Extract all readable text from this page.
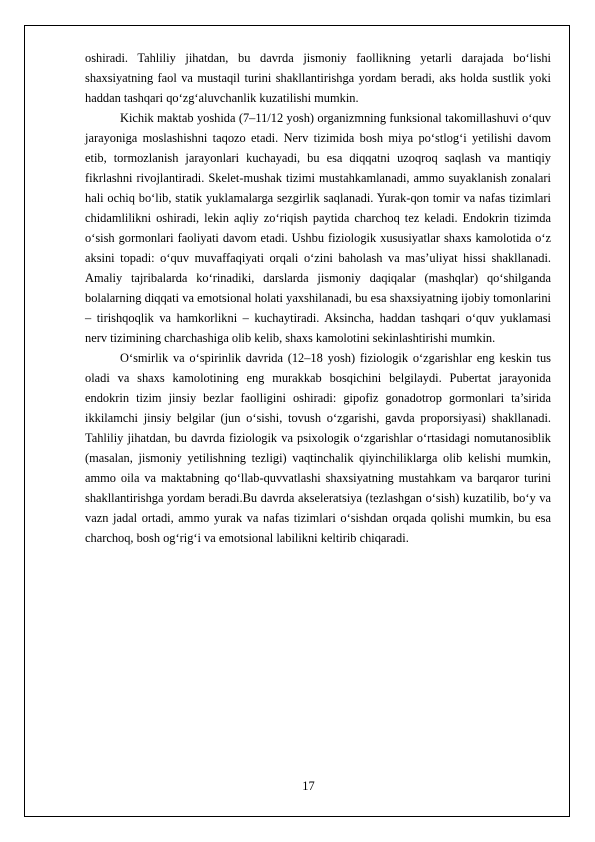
oshiradi. Tahliliy jihatdan, bu davrda jismoniy faollikning yetarli darajada bo‘lishi shaxsiyatning faol va mustaqil turini shakllantirishga yordam beradi, aks holda sustlik yoki haddan tashqari qo‘zg‘aluvchanlik kuzatilishi mumkin.

Kichik maktab yoshida (7–11/12 yosh) organizmning funksional takomillashuvi o‘quv jarayoniga moslashishni taqozo etadi. Nerv tizimida bosh miya po‘stlog‘i yetilishi davom etib, tormozlanish jarayonlari kuchayadi, bu esa diqqatni uzoqroq saqlash va mantiqiy fikrlashni rivojlantiradi. Skelet-mushak tizimi mustahkamlanadi, ammo suyaklanish zonalari hali ochiq bo‘lib, statik yuklamalarga sezgirlik saqlanadi. Yurak-qon tomir va nafas tizimlari chidamlilikni oshiradi, lekin aqliy zo‘riqish paytida charchoq tez keladi. Endokrin tizimda o‘sish gormonlari faoliyati davom etadi. Ushbu fiziologik xususiyatlar shaxs kamolotida o‘z aksini topadi: o‘quv muvaffaqiyati orqali o‘zini baholash va mas’uliyat hissi shakllanadi. Amaliy tajribalarda ko‘rinadiki, darslarda jismoniy daqiqalar (mashqlar) qo‘shilganda bolalarning diqqati va emotsional holati yaxshilanadi, bu esa shaxsiyatning ijobiy tomonlarini – tirishqoqlik va hamkorlikni – kuchaytiradi. Aksincha, haddan tashqari o‘quv yuklamasi nerv tizimining charchashiga olib kelib, shaxs kamolotini sekinlashtirishi mumkin.

O‘smirlik va o‘spirinlik davrida (12–18 yosh) fiziologik o‘zgarishlar eng keskin tus oladi va shaxs kamolotining eng murakkab bosqichini belgilaydi. Pubertat jarayonida endokrin tizim jinsiy bezlar faolligini oshiradi: gipofiz gonadotrop gormonlari ta’sirida ikkilamchi jinsiy belgilar (jun o‘sishi, tovush o‘zgarishi, gavda proporsiyasi) shakllanadi. Tahliliy jihatdan, bu davrda fiziologik va psixologik o‘zgarishlar o‘rtasidagi nomutanosiblik (masalan, jismoniy yetilishning tezligi) vaqtinchalik qiyinchiliklarga olib kelishi mumkin, ammo oila va maktabning qo‘llab-quvvatlashi shaxsiyatning mustahkam va barqaror turini shakllantirishga yordam beradi.Bu davrda akseleratsiya (tezlashgan o‘sish) kuzatilib, bo‘y va vazn jadal ortadi, ammo yurak va nafas tizimlari o‘sishdan orqada qolishi mumkin, bu esa charchoq, bosh og‘rig‘i va emotsional labilikni keltirib chiqaradi.

17
